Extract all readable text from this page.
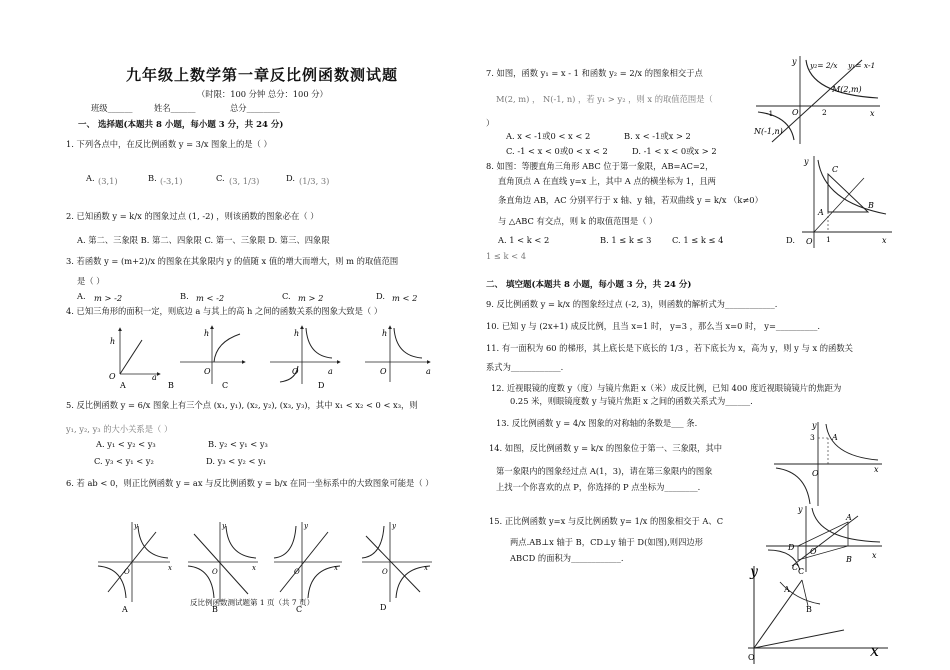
九年级上数学第一章反比例函数测试题
（时限：100 分钟 总分：100 分）
班级______	姓名______	总分________
一、 选择题(本题共 8 小题，每小题 3 分，共 24 分)
1. 下列各点中，在反比例函数 y = 3/x 图象上的是（ ）
A. (3,1)	B. (-3,1)	C. (3, 1/3)	D. (1/3, 3)
2. 已知函数 y = k/x 的图象过点 (1, -2) ，则该函数的图象必在（ ）
A. 第二、三象限 B. 第二、四象限 C. 第一、三象限 D. 第三、四象限
3. 若函数 y = (m+2)/x 的图象在其象限内 y 的值随 x 值的增大而增大，则 m 的取值范围
是（ ）
A. m > -2	B. m < -2	C. m > 2	D. m < 2
4. 已知三角形的面积一定，则底边 a 与其上的高 h 之间的函数关系的图象大致是（ ）
h
O	a
A
h
O
B
h
O	a
C
h
O	a
D
5. 反比例函数 y = 6/x 图象上有三个点 (x₁, y₁), (x₂, y₂), (x₃, y₃)，其中 x₁ < x₂ < 0 < x₃，则
y₁, y₂, y₃ 的大小关系是（ ）
A. y₁ < y₂ < y₃	B. y₂ < y₁ < y₃
C. y₃ < y₁ < y₂	D. y₃ < y₂ < y₁
6. 若 ab < 0，则正比例函数 y = ax 与反比例函数 y = b/x 在同一坐标系中的大致图象可能是（ ）
y
O	x
A
y
O	x
B
y
O	x
C
y
O	x
D
反比例函数测试题第 1 页（共 7 页）
7. 如图，函数 y₁ = x - 1 和函数 y₂ = 2/x 的图象相交于点
M(2, m) ， N(-1, n) ，若 y₁ > y₂ ，则 x 的取值范围是（
）
A. x < -1或0 < x < 2	B. x < -1或x > 2
C. -1 < x < 0或0 < x < 2	D. -1 < x < 0或x > 2
y y₂= 2/x y₁= x-1
M(2,m)
-1 O	2	x
N(-1,n)
8. 如图：等腰直角三角形 ABC 位于第一象限，AB=AC=2，
直角顶点 A 在直线 y=x 上，其中 A 点的横坐标为 1，且两
条直角边 AB，AC 分别平行于 x 轴、y 轴，若双曲线 y = k/x （k≠0）
与 △ABC 有交点，则 k 的取值范围是（ ）
A. 1 < k < 2	B. 1 ≤ k ≤ 3 C. 1 ≤ k ≤ 4	D.
1 ≤ k < 4
y
C
A
B
O 1	x
二、 填空题(本题共 8 小题，每小题 3 分，共 24 分)
9. 反比例函数 y = k/x 的图象经过点 (-2, 3)，则函数的解析式为____________.
10. 已知 y 与 (2x+1) 成反比例，且当 x=1 时， y=3 ，那么当 x=0 时， y=__________.
11. 有一面积为 60 的梯形，其上底长是下底长的 1/3 ，若下底长为 x，高为 y，则 y 与 x 的函数关
系式为____________.
12. 近视眼镜的度数 y（度）与镜片焦距 x（米）成反比例，已知 400 度近视眼镜镜片的焦距为
0.25 米，则眼镜度数 y 与镜片焦距 x 之间的函数关系式为______.
13. 反比例函数 y = 4/x 图象的对称轴的条数是___ 条.
14. 如图，反比例函数 y = k/x 的图象位于第一、三象限，其中
第一象限内的图象经过点 A(1，3)，请在第三象限内的图象
上找一个你喜欢的点 P，你选择的 P 点坐标为________.
y
3 A
O	x
15. 正比例函数 y=x 与反比例函数 y= 1/x 的图象相交于 A、C
两点.AB⊥x 轴于 B，CD⊥y 轴于 D(如图),则四边形
ABCD 的面积为____________.
y
A
D O
B	x
C
y	C
A
B
O	x
